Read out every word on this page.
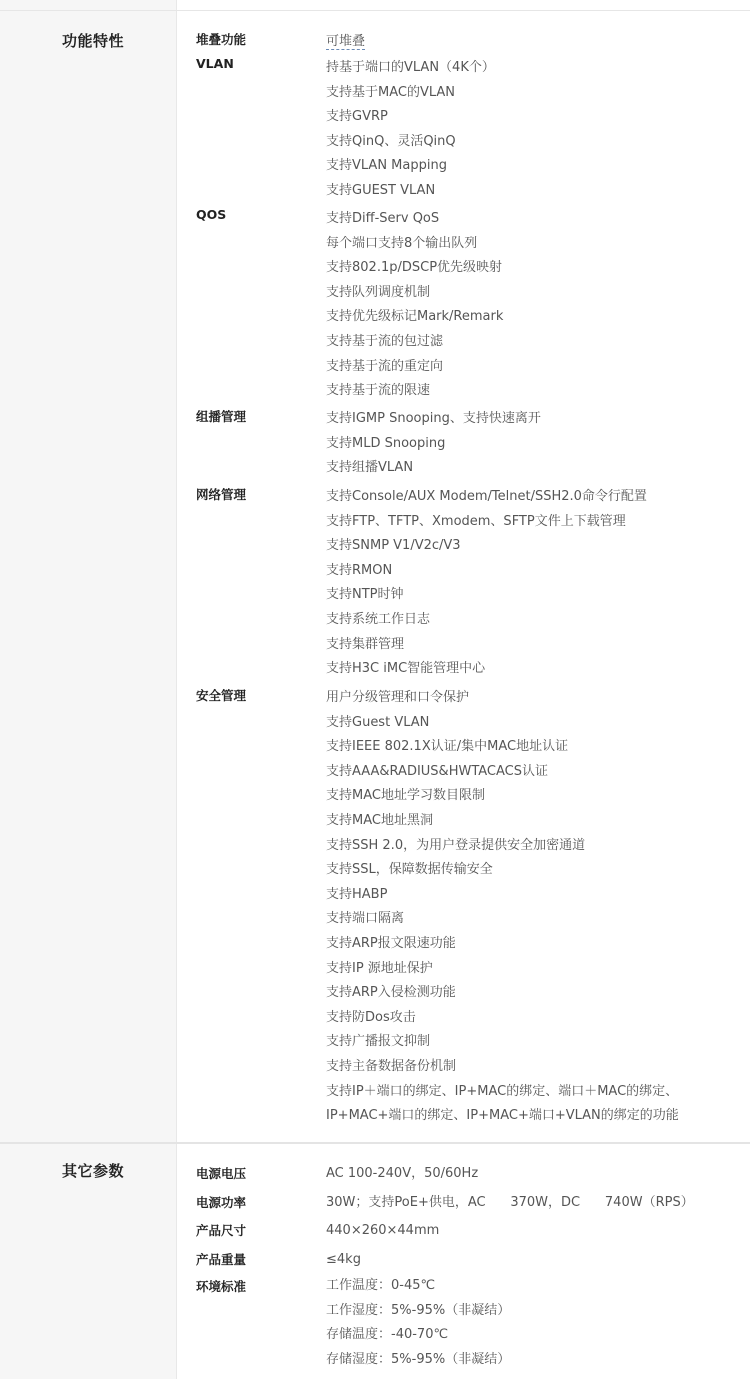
功能特性	堆叠功能	可堆叠
VLAN	持基于端口的VLAN（4K个）
支持基于MAC的VLAN
支持GVRP
支持QinQ、灵活QinQ
支持VLAN Mapping
支持GUEST VLAN
QOS	支持Diff-Serv QoS
每个端口支持8个输出队列
支持802.1p/DSCP优先级映射
支持队列调度机制
支持优先级标记Mark/Remark
支持基于流的包过滤
支持基于流的重定向
支持基于流的限速
组播管理	支持IGMP Snooping、支持快速离开
支持MLD Snooping
支持组播VLAN
网络管理	支持Console/AUX Modem/Telnet/SSH2.0命令行配置
支持FTP、TFTP、Xmodem、SFTP文件上下载管理
支持SNMP V1/V2c/V3
支持RMON
支持NTP时钟
支持系统工作日志
支持集群管理
支持H3C iMC智能管理中心
安全管理	用户分级管理和口令保护
支持Guest VLAN
支持IEEE 802.1X认证/集中MAC地址认证
支持AAA&RADIUS&HWTACACS认证
支持MAC地址学习数目限制
支持MAC地址黑洞
支持SSH 2.0，为用户登录提供安全加密通道
支持SSL，保障数据传输安全
支持HABP
支持端口隔离
支持ARP报文限速功能
支持IP 源地址保护
支持ARP入侵检测功能
支持防Dos攻击
支持广播报文抑制
支持主备数据备份机制
支持IP＋端口的绑定、IP+MAC的绑定、端口＋MAC的绑定、
IP+MAC+端口的绑定、IP+MAC+端口+VLAN的绑定的功能
其它参数	电源电压	AC 100-240V，50/60Hz
电源功率	30W；支持PoE+供电，AC      370W，DC      740W（RPS）
产品尺寸	440×260×44mm
产品重量	≤4kg
环境标准	工作温度：0-45℃
工作湿度：5%-95%（非凝结）
存储温度：-40-70℃
存储湿度：5%-95%（非凝结）
